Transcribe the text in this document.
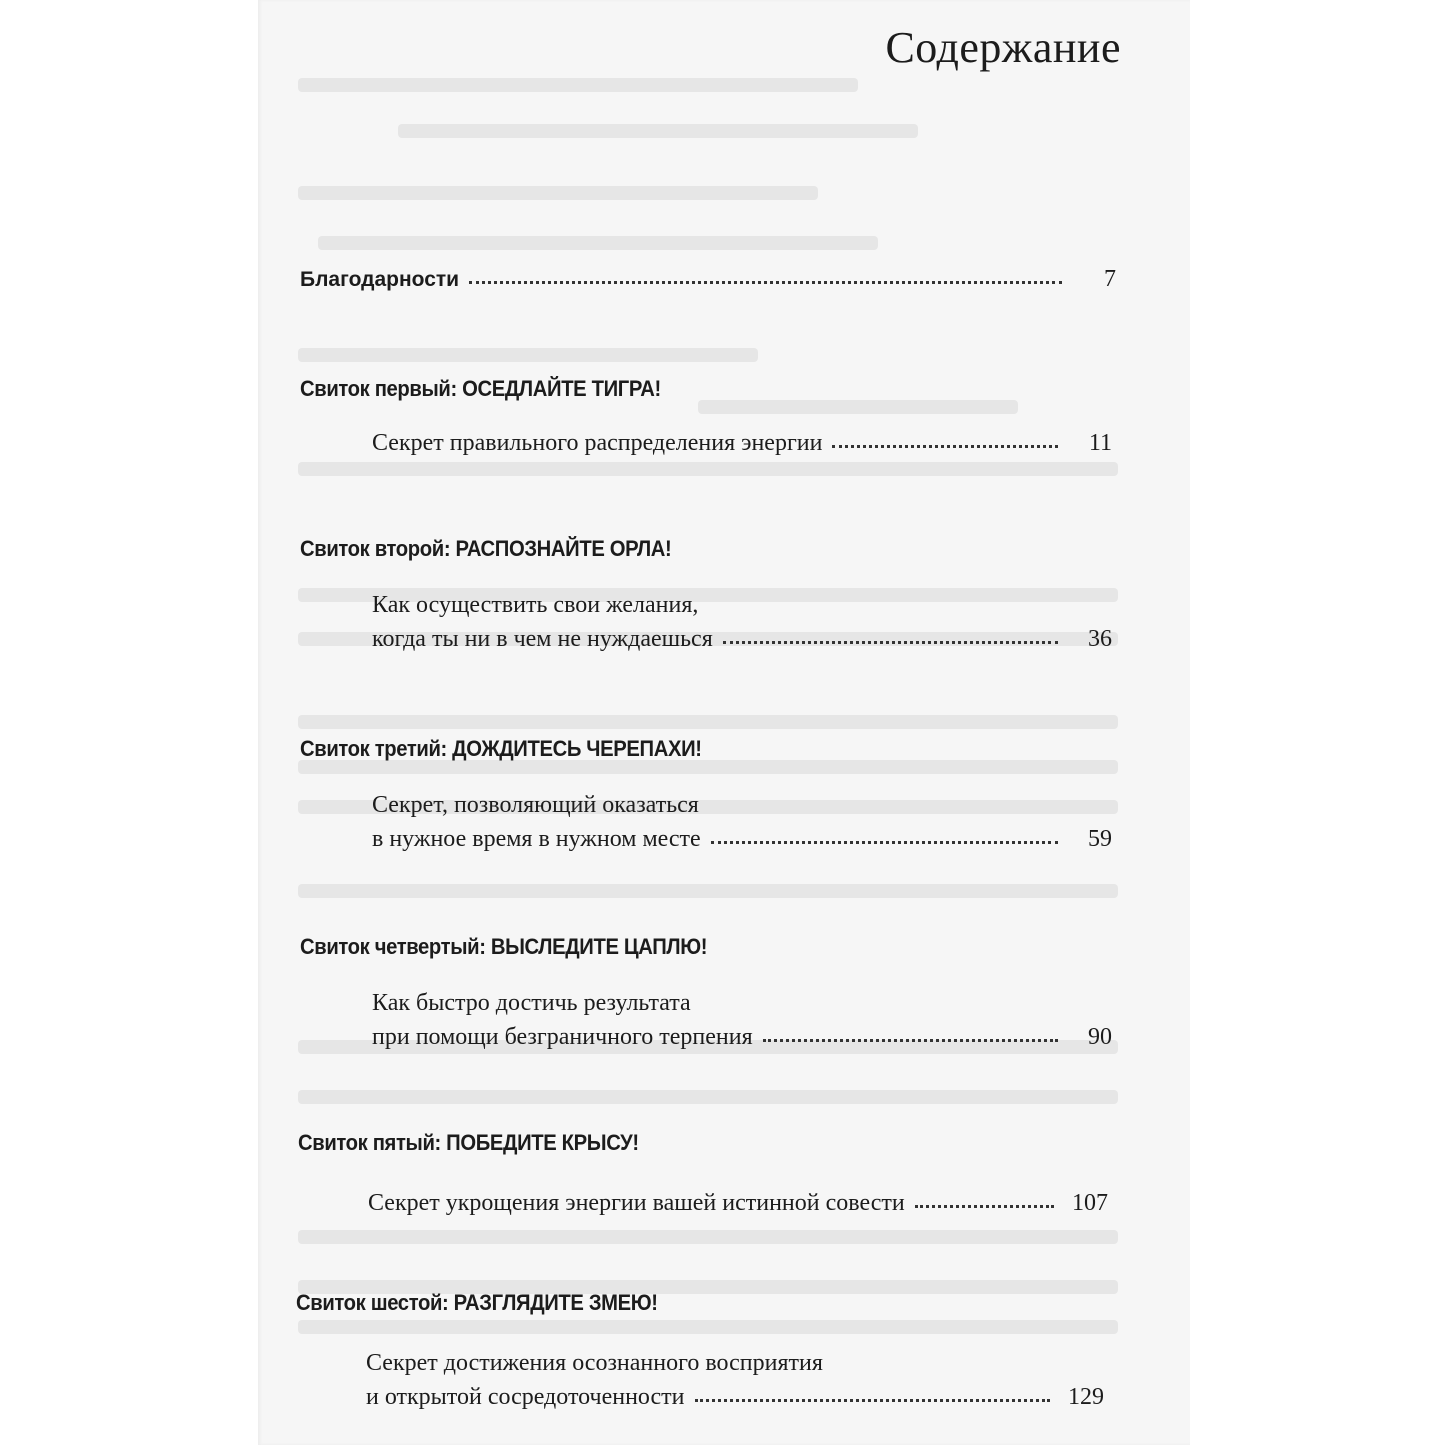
Содержание
Благодарности	7
Свиток первый: ОСЕДЛАЙТЕ ТИГРА!
Секрет правильного распределения энергии	11
Свиток второй: РАСПОЗНАЙТЕ ОРЛА!
Как осуществить свои желания,
когда ты ни в чем не нуждаешься	36
Свиток третий: ДОЖДИТЕСЬ ЧЕРЕПАХИ!
Секрет, позволяющий оказаться
в нужное время в нужном месте	59
Свиток четвертый: ВЫСЛЕДИТЕ ЦАПЛЮ!
Как быстро достичь результата
при помощи безграничного терпения	90
Свиток пятый: ПОБЕДИТЕ КРЫСУ!
Секрет укрощения энергии вашей истинной совести	107
Свиток шестой: РАЗГЛЯДИТЕ ЗМЕЮ!
Секрет достижения осознанного восприятия
и открытой сосредоточенности	129
